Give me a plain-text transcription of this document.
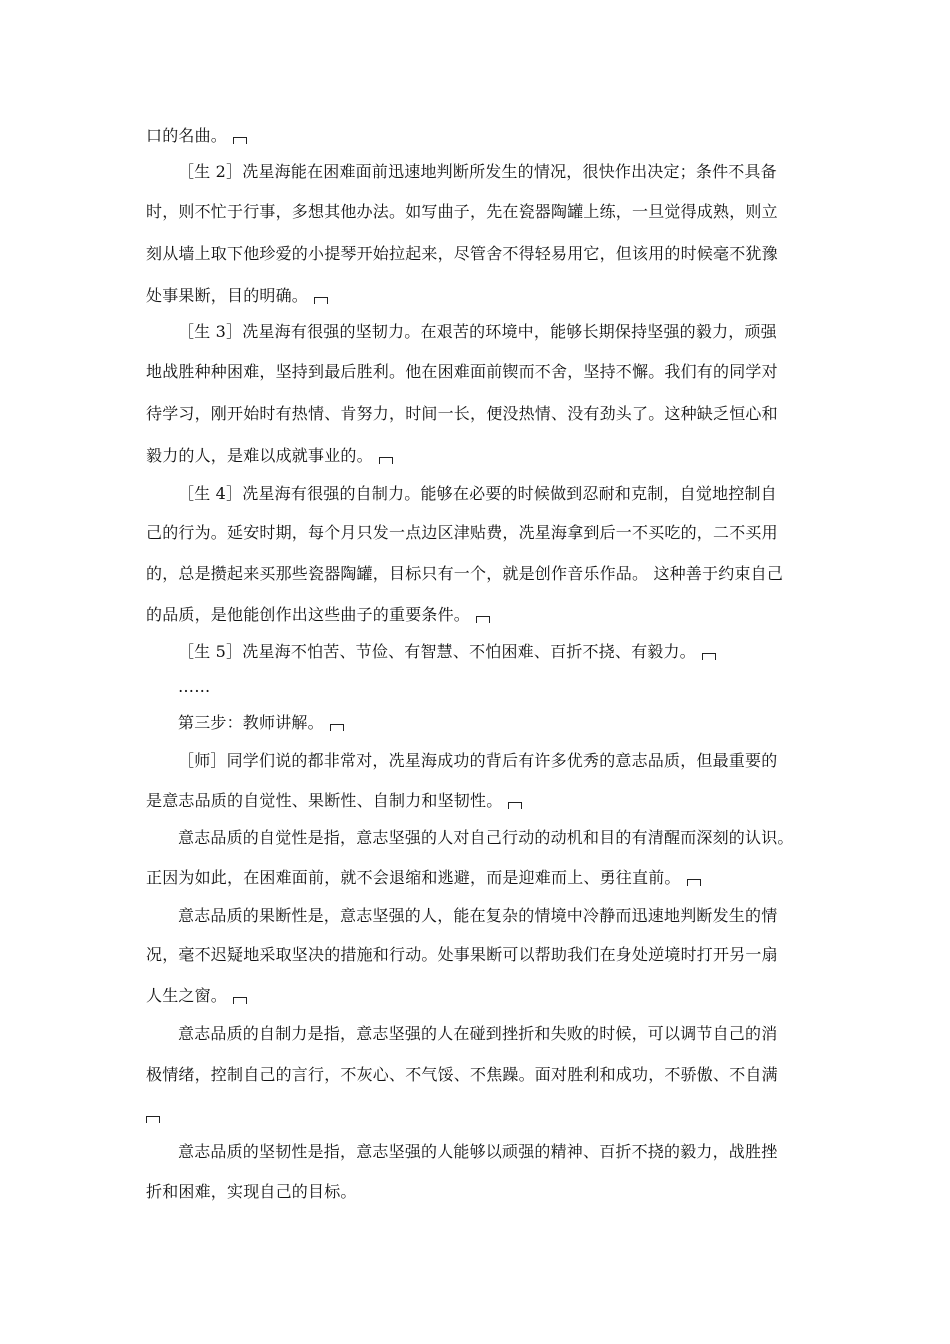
口的名曲。
［生 2］冼星海能在困难面前迅速地判断所发生的情况，很快作出决定；条件不具备
时，则不忙于行事，多想其他办法。如写曲子，先在瓷器陶罐上练，一旦觉得成熟，则立
刻从墙上取下他珍爱的小提琴开始拉起来，尽管舍不得轻易用它，但该用的时候毫不犹豫
处事果断，目的明确。
［生 3］冼星海有很强的坚韧力。在艰苦的环境中，能够长期保持坚强的毅力，顽强
地战胜种种困难，坚持到最后胜利。他在困难面前锲而不舍，坚持不懈。我们有的同学对
待学习，刚开始时有热情、肯努力，时间一长，便没热情、没有劲头了。这种缺乏恒心和
毅力的人，是难以成就事业的。
［生 4］冼星海有很强的自制力。能够在必要的时候做到忍耐和克制，自觉地控制自
己的行为。延安时期，每个月只发一点边区津贴费，冼星海拿到后一不买吃的，二不买用
的，总是攒起来买那些瓷器陶罐，目标只有一个，就是创作音乐作品。 这种善于约束自己
的品质，是他能创作出这些曲子的重要条件。
［生 5］冼星海不怕苦、节俭、有智慧、不怕困难、百折不挠、有毅力。
……
第三步：教师讲解。
［师］同学们说的都非常对，冼星海成功的背后有许多优秀的意志品质，但最重要的
是意志品质的自觉性、果断性、自制力和坚韧性。
意志品质的自觉性是指，意志坚强的人对自己行动的动机和目的有清醒而深刻的认识。
正因为如此，在困难面前，就不会退缩和逃避，而是迎难而上、勇往直前。
意志品质的果断性是，意志坚强的人，能在复杂的情境中冷静而迅速地判断发生的情
况，毫不迟疑地采取坚决的措施和行动。处事果断可以帮助我们在身处逆境时打开另一扇
人生之窗。
意志品质的自制力是指，意志坚强的人在碰到挫折和失败的时候，可以调节自己的消
极情绪，控制自己的言行，不灰心、不气馁、不焦躁。面对胜利和成功，不骄傲、不自满
意志品质的坚韧性是指，意志坚强的人能够以顽强的精神、百折不挠的毅力，战胜挫
折和困难，实现自己的目标。
